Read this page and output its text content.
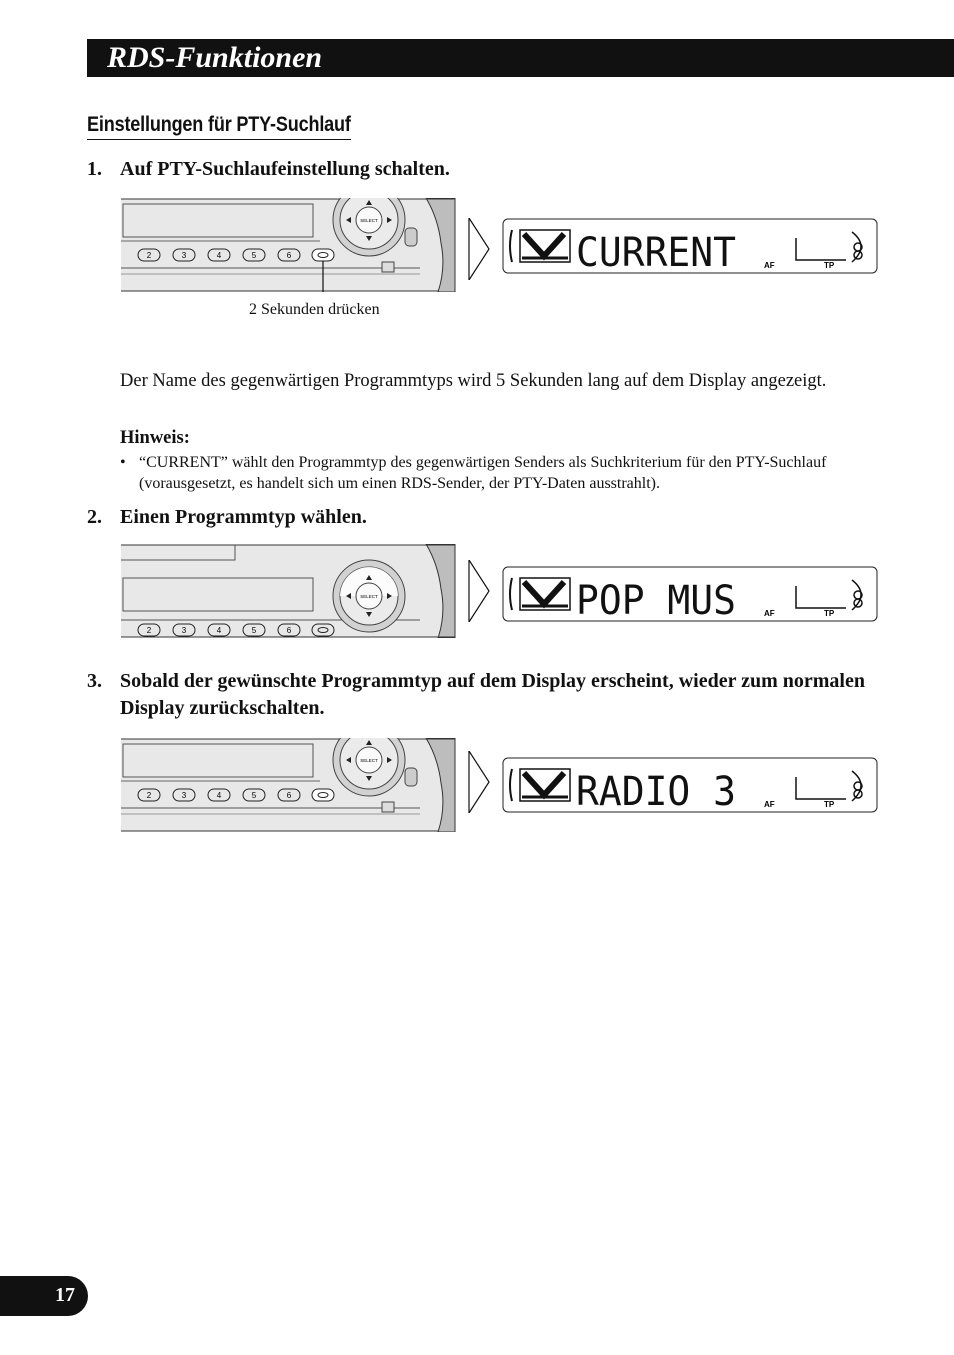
RDS-Funktionen
Einstellungen für PTY-Suchlauf
1. Auf PTY-Suchlaufeinstellung schalten.
SELECT
2	3	4	5	6	CURRENT	AF	TP
2 Sekunden drücken
Der Name des gegenwärtigen Programmtyps wird 5 Sekunden lang auf dem Display angezeigt.
Hinweis:
• “CURRENT” wählt den Programmtyp des gegenwärtigen Senders als Suchkriterium für den PTY-Suchlauf (vorausgesetzt, es handelt sich um einen RDS-Sender, der PTY-Daten ausstrahlt).
2. Einen Programmtyp wählen.
SELECT
2	3	4	5	6
POP MUS	AF	TP
3. Sobald der gewünschte Programmtyp auf dem Display erscheint, wieder zum normalen Display zurückschalten.
SELECT
2	3	4	5	6	RADIO 3	AF	TP
17
